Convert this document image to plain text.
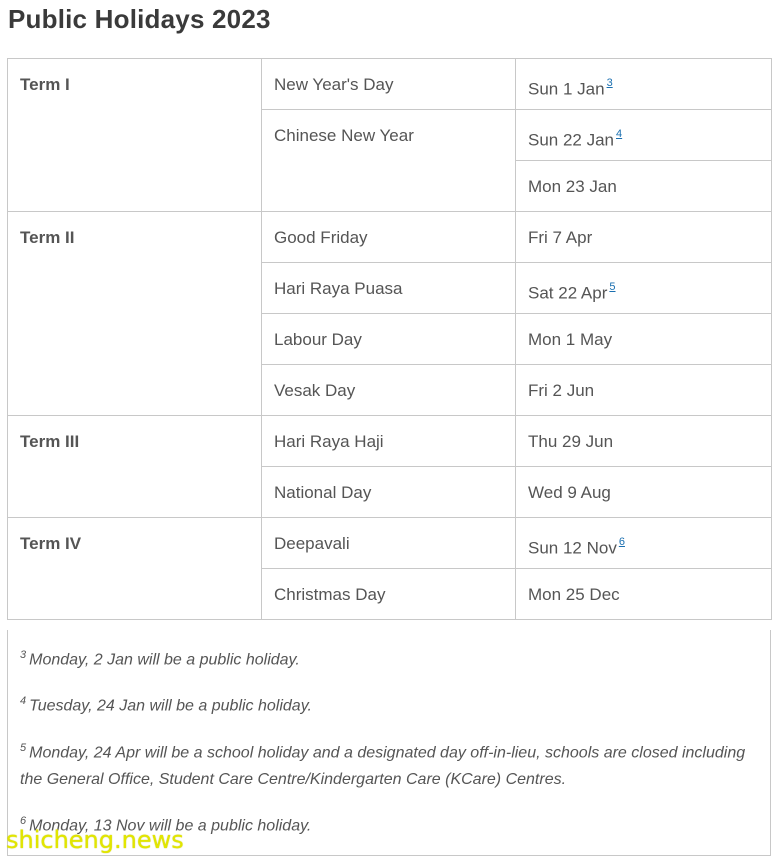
Public Holidays 2023
Term I	New Year's Day	Sun 1 Jan $^3$

	Chinese New Year	Sun 22 Jan $^4$

		Mon 23 Jan

Term II	Good Friday	Fri 7 Apr

	Hari Raya Puasa	Sat 22 Apr $^5$

	Labour Day	Mon 1 May

	Vesak Day	Fri 2 Jun

Term III	Hari Raya Haji	Thu 29 Jun

	National Day	Wed 9 Aug

Term IV	Deepavali	Sun 12 Nov $^6$

	Christmas Day	Mon 25 Dec

$^3$ Monday, 2 Jan will be a public holiday.

$^4$ Tuesday, 24 Jan will be a public holiday.

$^5$ Monday, 24 Apr will be a school holiday and a designated day off-in-lieu, schools are closed including the General Office, Student Care Centre/Kindergarten Care (KCare) Centres.

$^6$ Monday, 13 Nov will be a public holiday.

shicheng.news
